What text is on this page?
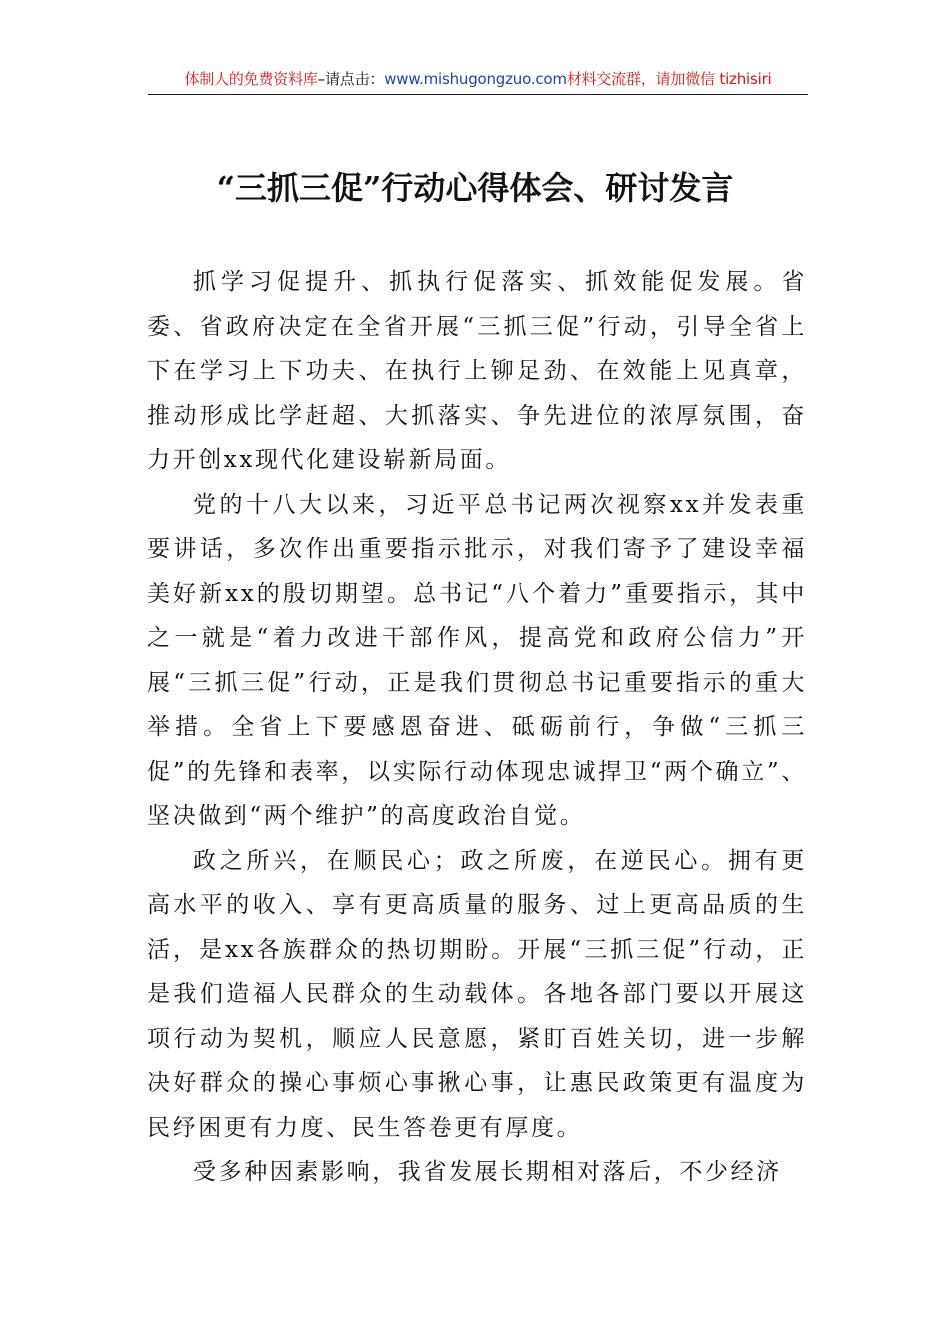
体制人的免费资料库–请点击：www.mishugongzuo.com材料交流群，请加微信 tizhisiri
“三抓三促”行动心得体会、研讨发言

抓学习促提升、抓执行促落实、抓效能促发展。省委、省政府决定在全省开展“三抓三促”行动，引导全省上下在学习上下功夫、在执行上铆足劲、在效能上见真章，推动形成比学赶超、大抓落实、争先进位的浓厚氛围，奋力开创xx现代化建设崭新局面。

党的十八大以来，习近平总书记两次视察xx并发表重要讲话，多次作出重要指示批示，对我们寄予了建设幸福美好新xx的殷切期望。总书记“八个着力”重要指示，其中之一就是“着力改进干部作风，提高党和政府公信力”开展“三抓三促”行动，正是我们贯彻总书记重要指示的重大举措。全省上下要感恩奋进、砥砺前行，争做“三抓三促”的先锋和表率，以实际行动体现忠诚捍卫“两个确立”、坚决做到“两个维护”的高度政治自觉。

政之所兴，在顺民心；政之所废，在逆民心。拥有更高水平的收入、享有更高质量的服务、过上更高品质的生活，是xx各族群众的热切期盼。开展“三抓三促”行动，正是我们造福人民群众的生动载体。各地各部门要以开展这项行动为契机，顺应人民意愿，紧盯百姓关切，进一步解决好群众的操心事烦心事揪心事，让惠民政策更有温度为民纾困更有力度、民生答卷更有厚度。

受多种因素影响，我省发展长期相对落后，不少经济
